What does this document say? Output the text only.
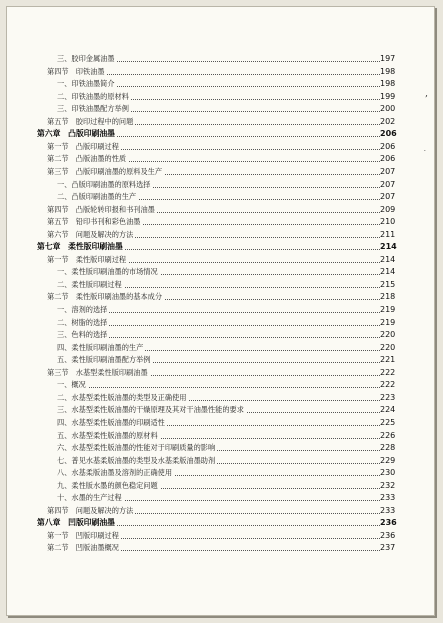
三、胶印金属油墨	197
第四节　印铁油墨	198
一、印铁油墨简介	198
二、印铁油墨的原材料	199
三、印铁油墨配方举例	200
第五节　胶印过程中的问题	202
第六章　凸版印刷油墨	206
第一节　凸版印刷过程	206
第二节　凸版油墨的性质	206
第三节　凸版印刷油墨的原料及生产	207
一、凸版印刷油墨的原料选择	207
二、凸版印刷油墨的生产	207
第四节　凸版轮转印报和书刊油墨	209
第五节　铅印书刊和彩色油墨	210
第六节　问题及解决的方法	211
第七章　柔性版印刷油墨	214
第一节　柔性版印刷过程	214
一、柔性版印刷油墨的市场情况	214
二、柔性版印刷过程	215
第二节　柔性版印刷油墨的基本成分	218
一、溶剂的选择	219
二、树脂的选择	219
三、色料的选择	220
四、柔性版印刷油墨的生产	220
五、柔性版印刷油墨配方举例	221
第三节　水基型柔性版印刷油墨	222
一、概况	222
二、水基型柔性版油墨的类型及正确使用	223
三、水基型柔性版油墨的干燥原理及其对干油墨性能的要求	224
四、水基型柔性版油墨的印刷适性	225
五、水基型柔性版油墨的原材料	226
六、水基型柔性版油墨的性能对于印刷质量的影响	228
七、普见水基柔版油墨的类型及水基柔版油墨助剂	229
八、水基柔版油墨及溶剂的正确使用	230
九、柔性版水墨的颜色稳定问题	232
十、水墨的生产过程	233
第四节　问题及解决的方法	233
第八章　凹版印刷油墨	236
第一节　凹版印刷过程	236
第二节　凹版油墨概况	237
,
·
